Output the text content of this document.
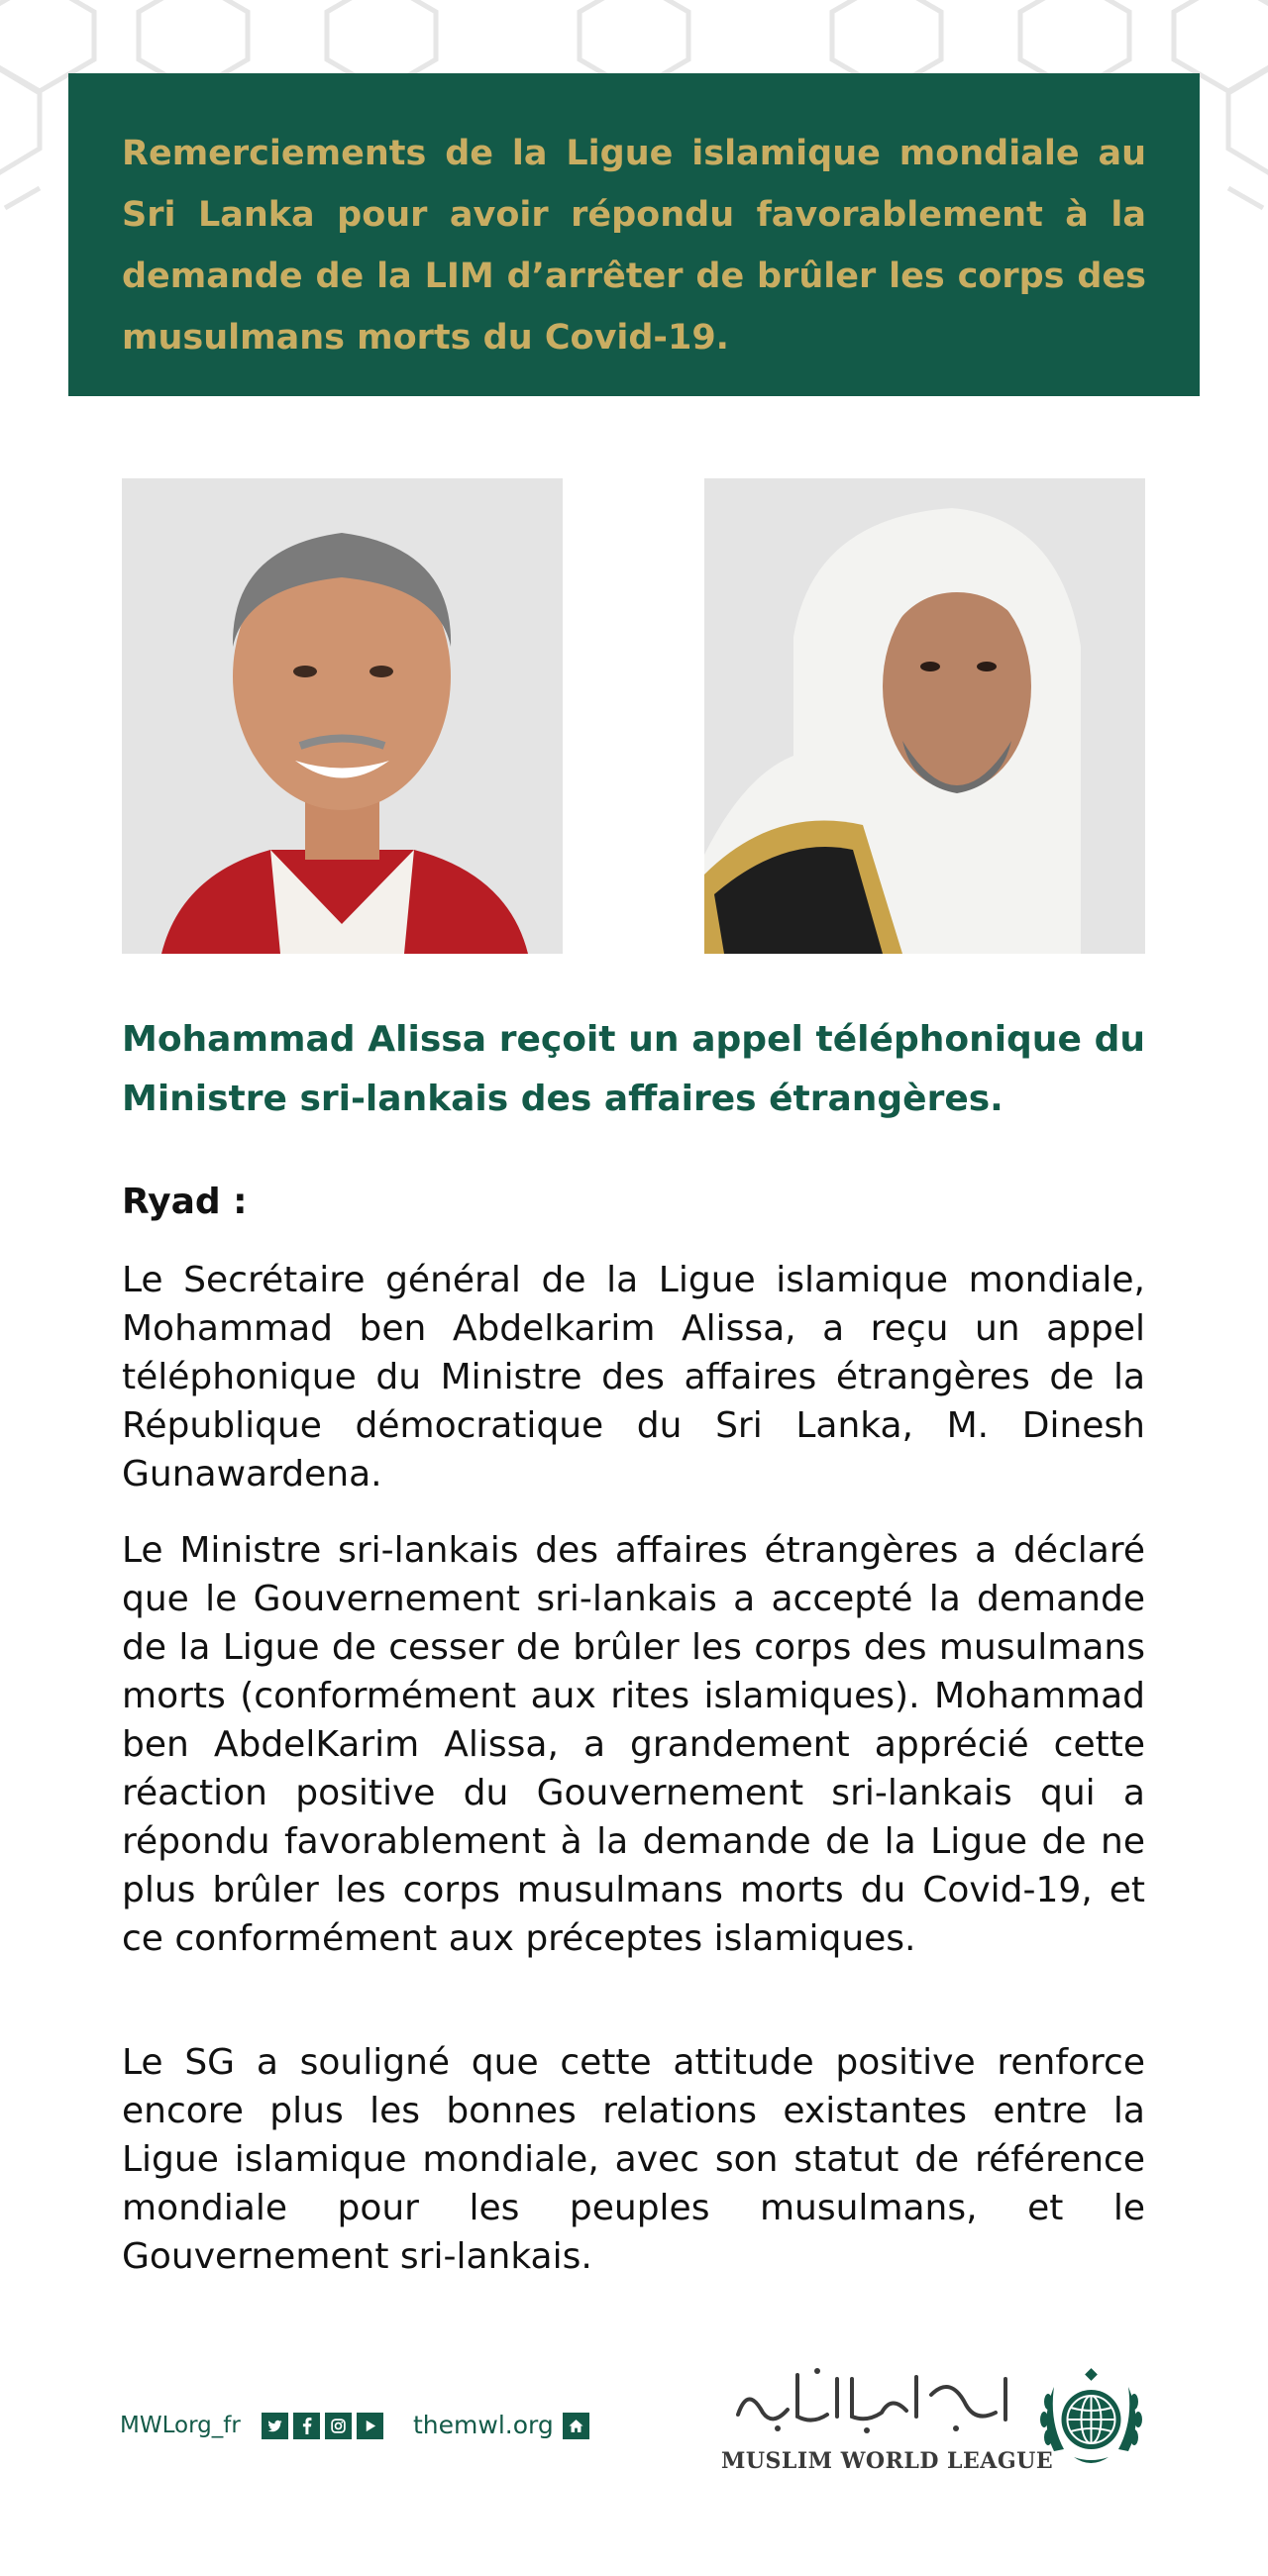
Remerciements de la Ligue islamique mondiale au Sri Lanka pour avoir répondu favorablement à la demande de la LIM d’arrêter de brûler les corps des musulmans morts du Covid-19.

Mohammad Alissa reçoit un appel téléphonique du Ministre sri-lankais des affaires étrangères.

Ryad :

Le Secrétaire général de la Ligue islamique mondiale, Mohammad ben Abdelkarim Alissa, a reçu un appel téléphonique du Ministre des affaires étrangères de la République démocratique du Sri Lanka, M. Dinesh Gunawardena.

Le Ministre sri-lankais des affaires étrangères a déclaré que le Gouvernement sri-lankais a accepté la demande de la Ligue de cesser de brûler les corps des musulmans morts (conformément aux rites islamiques). Mohammad ben AbdelKarim Alissa, a grandement apprécié cette réaction positive du Gouvernement sri-lankais qui a répondu favorablement à la demande de la Ligue de ne plus brûler les corps musulmans morts du Covid-19, et ce conformément aux préceptes islamiques.

Le SG a souligné que cette attitude positive renforce encore plus les bonnes relations existantes entre la Ligue islamique mondiale, avec son statut de référence mondiale pour les peuples musulmans, et le Gouvernement sri-lankais.

MWLorg_fr	themwl.org
MUSLIM WORLD LEAGUE
